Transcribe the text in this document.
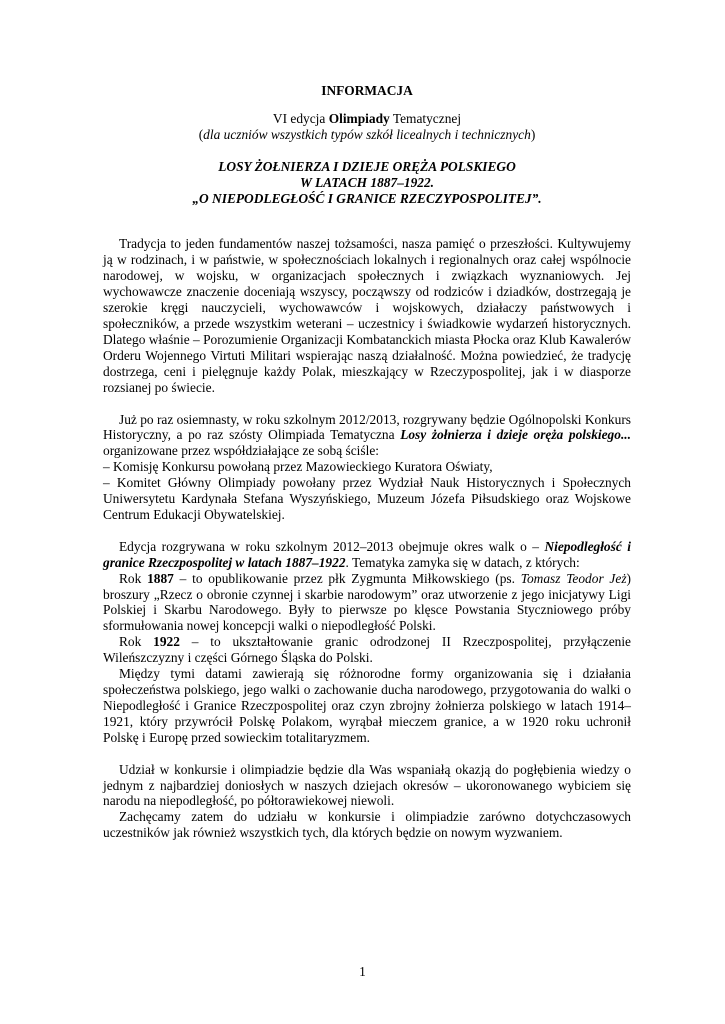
INFORMACJA
VI edycja Olimpiady Tematycznej
(dla uczniów wszystkich typów szkół licealnych i technicznych)
LOSY ŻOŁNIERZA I DZIEJE ORĘŻA POLSKIEGO
W LATACH 1887–1922.
„O NIEPODLEGŁOŚĆ I GRANICE RZECZYPOSPOLITEJ”.

Tradycja to jeden fundamentów naszej tożsamości, nasza pamięć o przeszłości. Kultywujemy ją w rodzinach, i w państwie, w społecznościach lokalnych i regionalnych oraz całej wspólnocie narodowej, w wojsku, w organizacjach społecznych i związkach wyznaniowych. Jej wychowawcze znaczenie doceniają wszyscy, począwszy od rodziców i dziadków, dostrzegają je szerokie kręgi nauczycieli, wychowawców i wojskowych, działaczy państwowych i społeczników, a przede wszystkim weterani – uczestnicy i świadkowie wydarzeń historycznych. Dlatego właśnie – Porozumienie Organizacji Kombatanckich miasta Płocka oraz Klub Kawalerów Orderu Wojennego Virtuti Militari wspierając naszą działalność. Można powiedzieć, że tradycję dostrzega, ceni i pielęgnuje każdy Polak, mieszkający w Rzeczypospolitej, jak i w diasporze rozsianej po świecie.

Już po raz osiemnasty, w roku szkolnym 2012/2013, rozgrywany będzie Ogólnopolski Konkurs Historyczny, a po raz szósty Olimpiada Tematyczna Losy żołnierza i dzieje oręża polskiego... organizowane przez współdziałające ze sobą ściśle:

– Komisję Konkursu powołaną przez Mazowieckiego Kuratora Oświaty,

– Komitet Główny Olimpiady powołany przez Wydział Nauk Historycznych i Społecznych Uniwersytetu Kardynała Stefana Wyszyńskiego, Muzeum Józefa Piłsudskiego oraz Wojskowe Centrum Edukacji Obywatelskiej.

Edycja rozgrywana w roku szkolnym 2012–2013 obejmuje okres walk o – Niepodległość i granice Rzeczpospolitej w latach 1887–1922. Tematyka zamyka się w datach, z których:

Rok 1887 – to opublikowanie przez płk Zygmunta Miłkowskiego (ps. Tomasz Teodor Jeż) broszury „Rzecz o obronie czynnej i skarbie narodowym” oraz utworzenie z jego inicjatywy Ligi Polskiej i Skarbu Narodowego. Były to pierwsze po klęsce Powstania Styczniowego próby sformułowania nowej koncepcji walki o niepodległość Polski.

Rok 1922 – to ukształtowanie granic odrodzonej II Rzeczpospolitej, przyłączenie Wileńszczyzny i części Górnego Śląska do Polski.

Między tymi datami zawierają się różnorodne formy organizowania się i działania społeczeństwa polskiego, jego walki o zachowanie ducha narodowego, przygotowania do walki o Niepodległość i Granice Rzeczpospolitej oraz czyn zbrojny żołnierza polskiego w latach 1914–1921, który przywrócił Polskę Polakom, wyrąbał mieczem granice, a w 1920 roku uchronił Polskę i Europę przed sowieckim totalitaryzmem.

Udział w konkursie i olimpiadzie będzie dla Was wspaniałą okazją do pogłębienia wiedzy o jednym z najbardziej doniosłych w naszych dziejach okresów – ukoronowanego wybiciem się narodu na niepodległość, po półtorawiekowej niewoli.

Zachęcamy zatem do udziału w konkursie i olimpiadzie zarówno dotychczasowych uczestników jak również wszystkich tych, dla których będzie on nowym wyzwaniem.

1
